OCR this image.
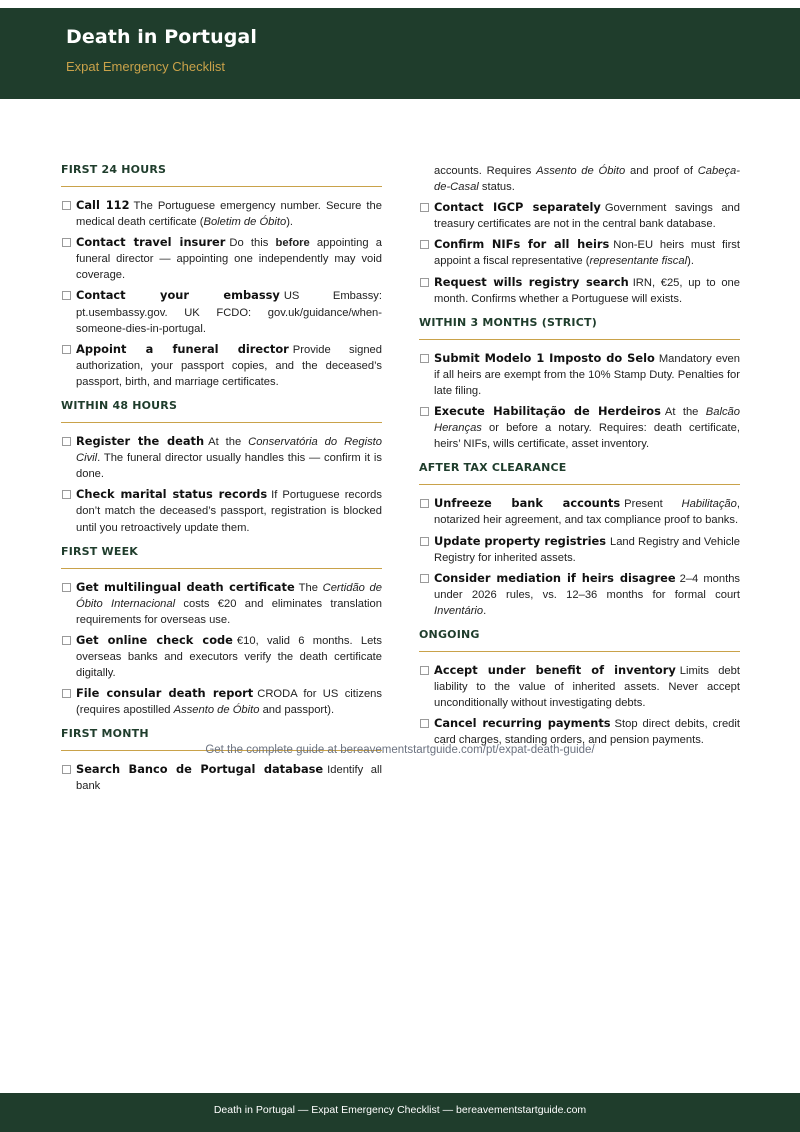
Death in Portugal
Expat Emergency Checklist
FIRST 24 HOURS
Call 112 The Portuguese emergency number. Secure the medical death certificate (Boletim de Óbito).
Contact travel insurer Do this before appointing a funeral director — appointing one independently may void coverage.
Contact your embassy US Embassy: pt.usembassy.gov. UK FCDO: gov.uk/guidance/when-someone-dies-in-portugal.
Appoint a funeral director Provide signed authorization, your passport copies, and the deceased’s passport, birth, and marriage certificates.
WITHIN 48 HOURS
Register the death At the Conservatória do Registo Civil. The funeral director usually handles this — confirm it is done.
Check marital status records If Portuguese records don’t match the deceased’s passport, registration is blocked until you retroactively update them.
FIRST WEEK
Get multilingual death certificate The Certidão de Óbito Internacional costs €20 and eliminates translation requirements for overseas use.
Get online check code €10, valid 6 months. Lets overseas banks and executors verify the death certificate digitally.
File consular death report CRODA for US citizens (requires apostilled Assento de Óbito and passport).
FIRST MONTH
Search Banco de Portugal database Identify all bank
accounts. Requires Assento de Óbito and proof of Cabeça-de-Casal status.
Contact IGCP separately Government savings and treasury certificates are not in the central bank database.
Confirm NIFs for all heirs Non-EU heirs must first appoint a fiscal representative (representante fiscal).
Request wills registry search IRN, €25, up to one month. Confirms whether a Portuguese will exists.
WITHIN 3 MONTHS (STRICT)
Submit Modelo 1 Imposto do Selo Mandatory even if all heirs are exempt from the 10% Stamp Duty. Penalties for late filing.
Execute Habilitação de Herdeiros At the Balcão Heranças or before a notary. Requires: death certificate, heirs’ NIFs, wills certificate, asset inventory.
AFTER TAX CLEARANCE
Unfreeze bank accounts Present Habilitação, notarized heir agreement, and tax compliance proof to banks.
Update property registries Land Registry and Vehicle Registry for inherited assets.
Consider mediation if heirs disagree 2–4 months under 2026 rules, vs. 12–36 months for formal court Inventário.
ONGOING
Accept under benefit of inventory Limits debt liability to the value of inherited assets. Never accept unconditionally without investigating debts.
Cancel recurring payments Stop direct debits, credit card charges, standing orders, and pension payments.
Get the complete guide at bereavementstartguide.com/pt/expat-death-guide/
Death in Portugal — Expat Emergency Checklist — bereavementstartguide.com
